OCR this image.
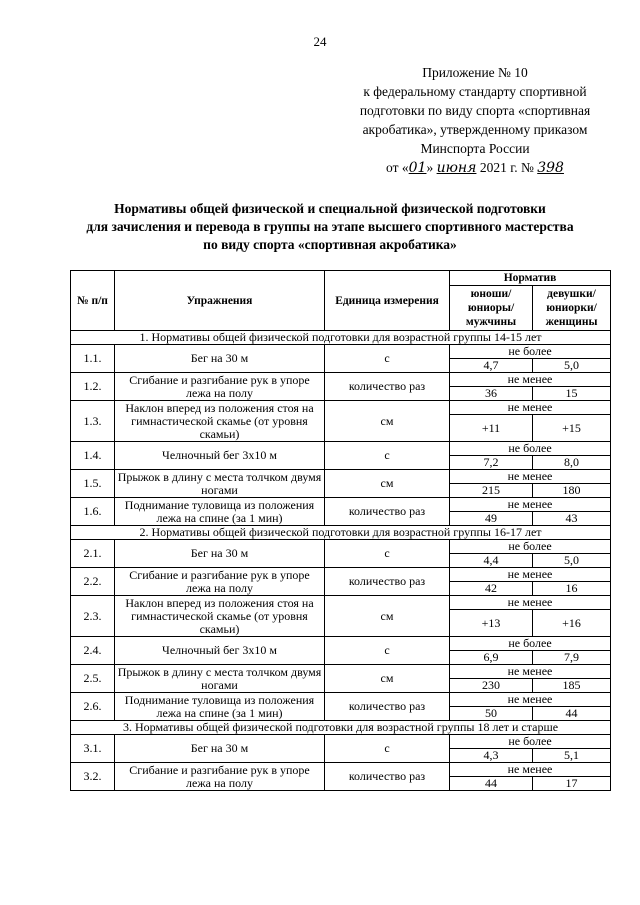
24
Приложение № 10
к федеральному стандарту спортивной
подготовки по виду спорта «спортивная
акробатика», утвержденному приказом
Минспорта России
от «01» июня 2021 г. № 398
Нормативы общей физической и специальной физической подготовки
для зачисления и перевода в группы на этапе высшего спортивного мастерства
по виду спорта «спортивная акробатика»
№ п/п	Упражнения	Единица измерения	Норматив	
			юноши/ юниоры/ мужчины	девушки/ юниорки/ женщины
1. Нормативы общей физической подготовки для возрастной группы 14-15 лет				
1.1.	Бег на 30 м	с	не более	
			4,7	5,0
1.2.	Сгибание и разгибание рук в упоре лежа на полу	количество раз	не менее	
			36	15
1.3.	Наклон вперед из положения стоя на гимнастической скамье (от уровня скамьи)	см	не менее	
			+11	+15
1.4.	Челночный бег 3х10 м	с	не более	
			7,2	8,0
1.5.	Прыжок в длину с места толчком двумя ногами	см	не менее	
			215	180
1.6.	Поднимание туловища из положения лежа на спине (за 1 мин)	количество раз	не менее	
			49	43
2. Нормативы общей физической подготовки для возрастной группы 16-17 лет				
2.1.	Бег на 30 м	с	не более	
			4,4	5,0
2.2.	Сгибание и разгибание рук в упоре лежа на полу	количество раз	не менее	
			42	16
2.3.	Наклон вперед из положения стоя на гимнастической скамье (от уровня скамьи)	см	не менее	
			+13	+16
2.4.	Челночный бег 3х10 м	с	не более	
			6,9	7,9
2.5.	Прыжок в длину с места толчком двумя ногами	см	не менее	
			230	185
2.6.	Поднимание туловища из положения лежа на спине (за 1 мин)	количество раз	не менее	
			50	44
3. Нормативы общей физической подготовки для возрастной группы 18 лет и старше				
3.1.	Бег на 30 м	с	не более	
			4,3	5,1
3.2.	Сгибание и разгибание рук в упоре лежа на полу	количество раз	не менее	
			44	17
